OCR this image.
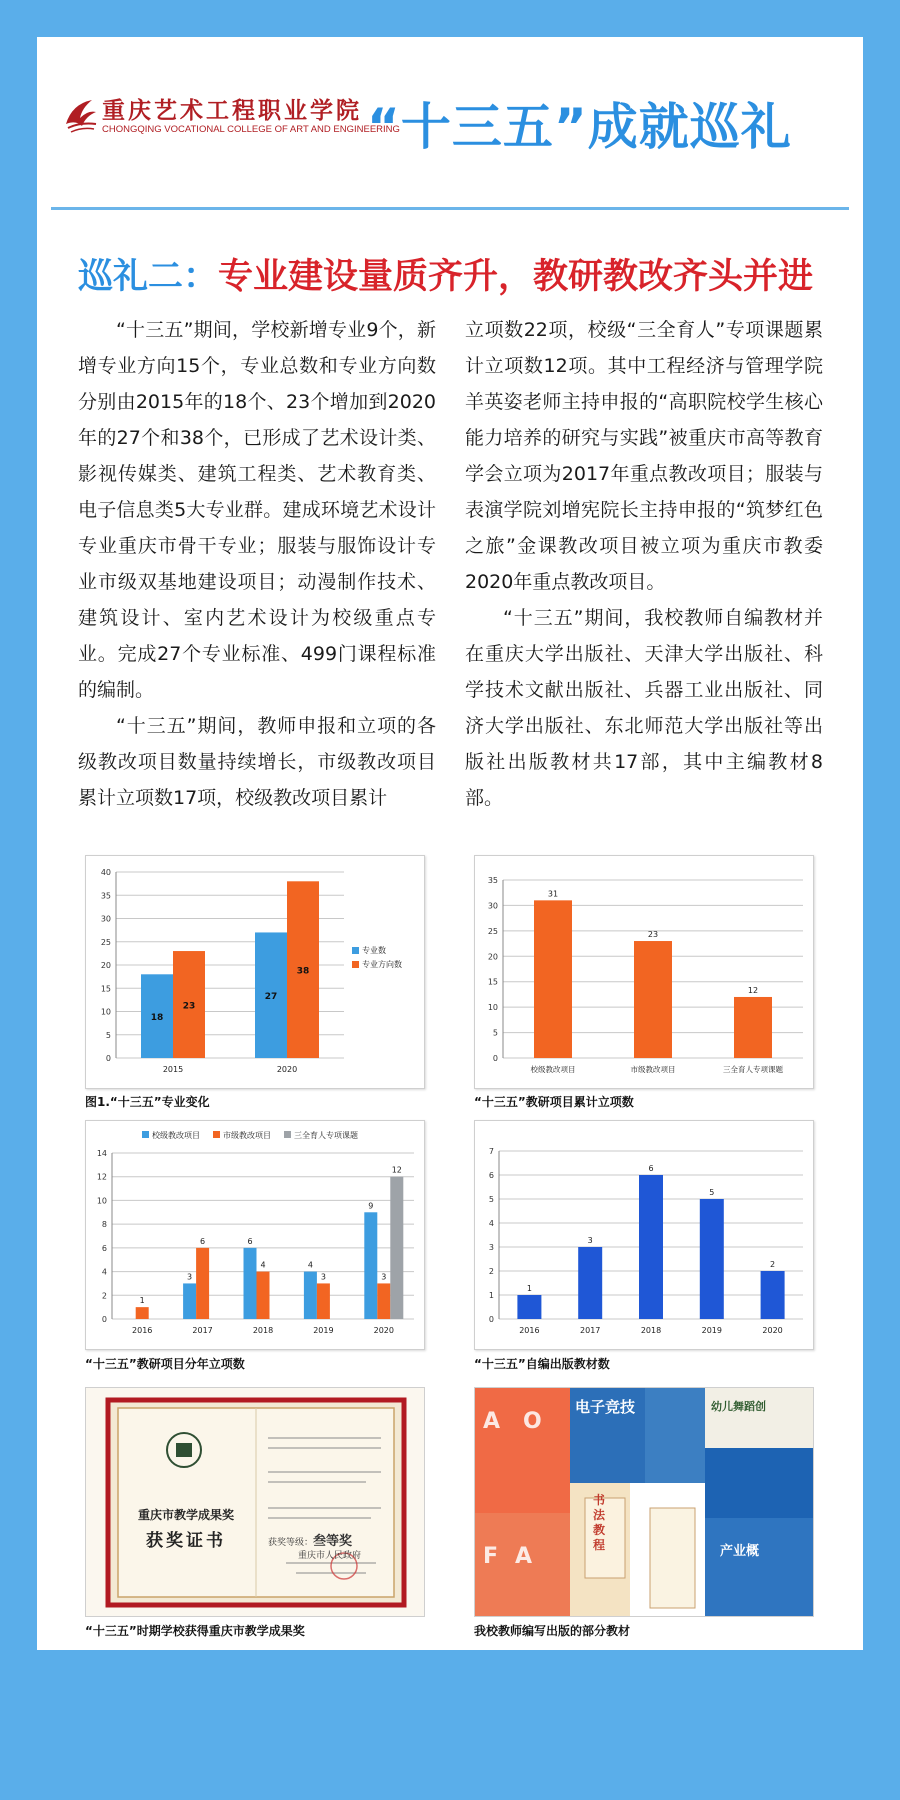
重庆艺术工程职业学院
CHONGQING VOCATIONAL COLLEGE OF ART AND ENGINEERING
“十三五”成就巡礼
巡礼二：专业建设量质齐升，教研教改齐头并进

“十三五”期间，学校新增专业9个，新增专业方向15个，专业总数和专业方向数分别由2015年的18个、23个增加到2020年的27个和38个，已形成了艺术设计类、影视传媒类、建筑工程类、艺术教育类、电子信息类5大专业群。建成环境艺术设计专业重庆市骨干专业；服装与服饰设计专业市级双基地建设项目；动漫制作技术、建筑设计、室内艺术设计为校级重点专业。完成27个专业标准、499门课程标准的编制。

“十三五”期间，教师申报和立项的各级教改项目数量持续增长，市级教改项目累计立项数17项，校级教改项目累计

立项数22项，校级“三全育人”专项课题累计立项数12项。其中工程经济与管理学院羊英姿老师主持申报的“高职院校学生核心能力培养的研究与实践”被重庆市高等教育学会立项为2017年重点教改项目；服装与表演学院刘增宪院长主持申报的“筑梦红色之旅”金课教改项目被立项为重庆市教委2020年重点教改项目。

“十三五”期间，我校教师自编教材并在重庆大学出版社、天津大学出版社、科学技术文献出版社、兵器工业出版社、同济大学出版社、东北师范大学出版社等出版社出版教材共17部，其中主编教材8部。

0
5
10
15
20
25
30
35
40
2015
18
23
2020
27
38
专业数
专业方向数
图1.“十三五”专业变化
0
5
10
15
20
25
30
35
校级教改项目
31
市级教改项目
23
三全育人专项课题
12
“十三五”教研项目累计立项数
0
2
4
6
8
10
12
14
2016
1
2017
3
6
2018
6
4
2019
4
3
2020
9
3
12
校级教改项目	市级教改项目	三全育人专项课题
“十三五”教研项目分年立项数
0
1
2
3
4
5
6
7
2016
1
2017
3
2018
6
2019
5
2020
2
“十三五”自编出版教材数
重庆市教学成果奖
获奖证书	获奖等级：叁等奖
重庆市人民政府
“十三五”时期学校获得重庆市教学成果奖
A O
F A
电子竞技
书法教程
幼儿舞蹈创
产业概
我校教师编写出版的部分教材
